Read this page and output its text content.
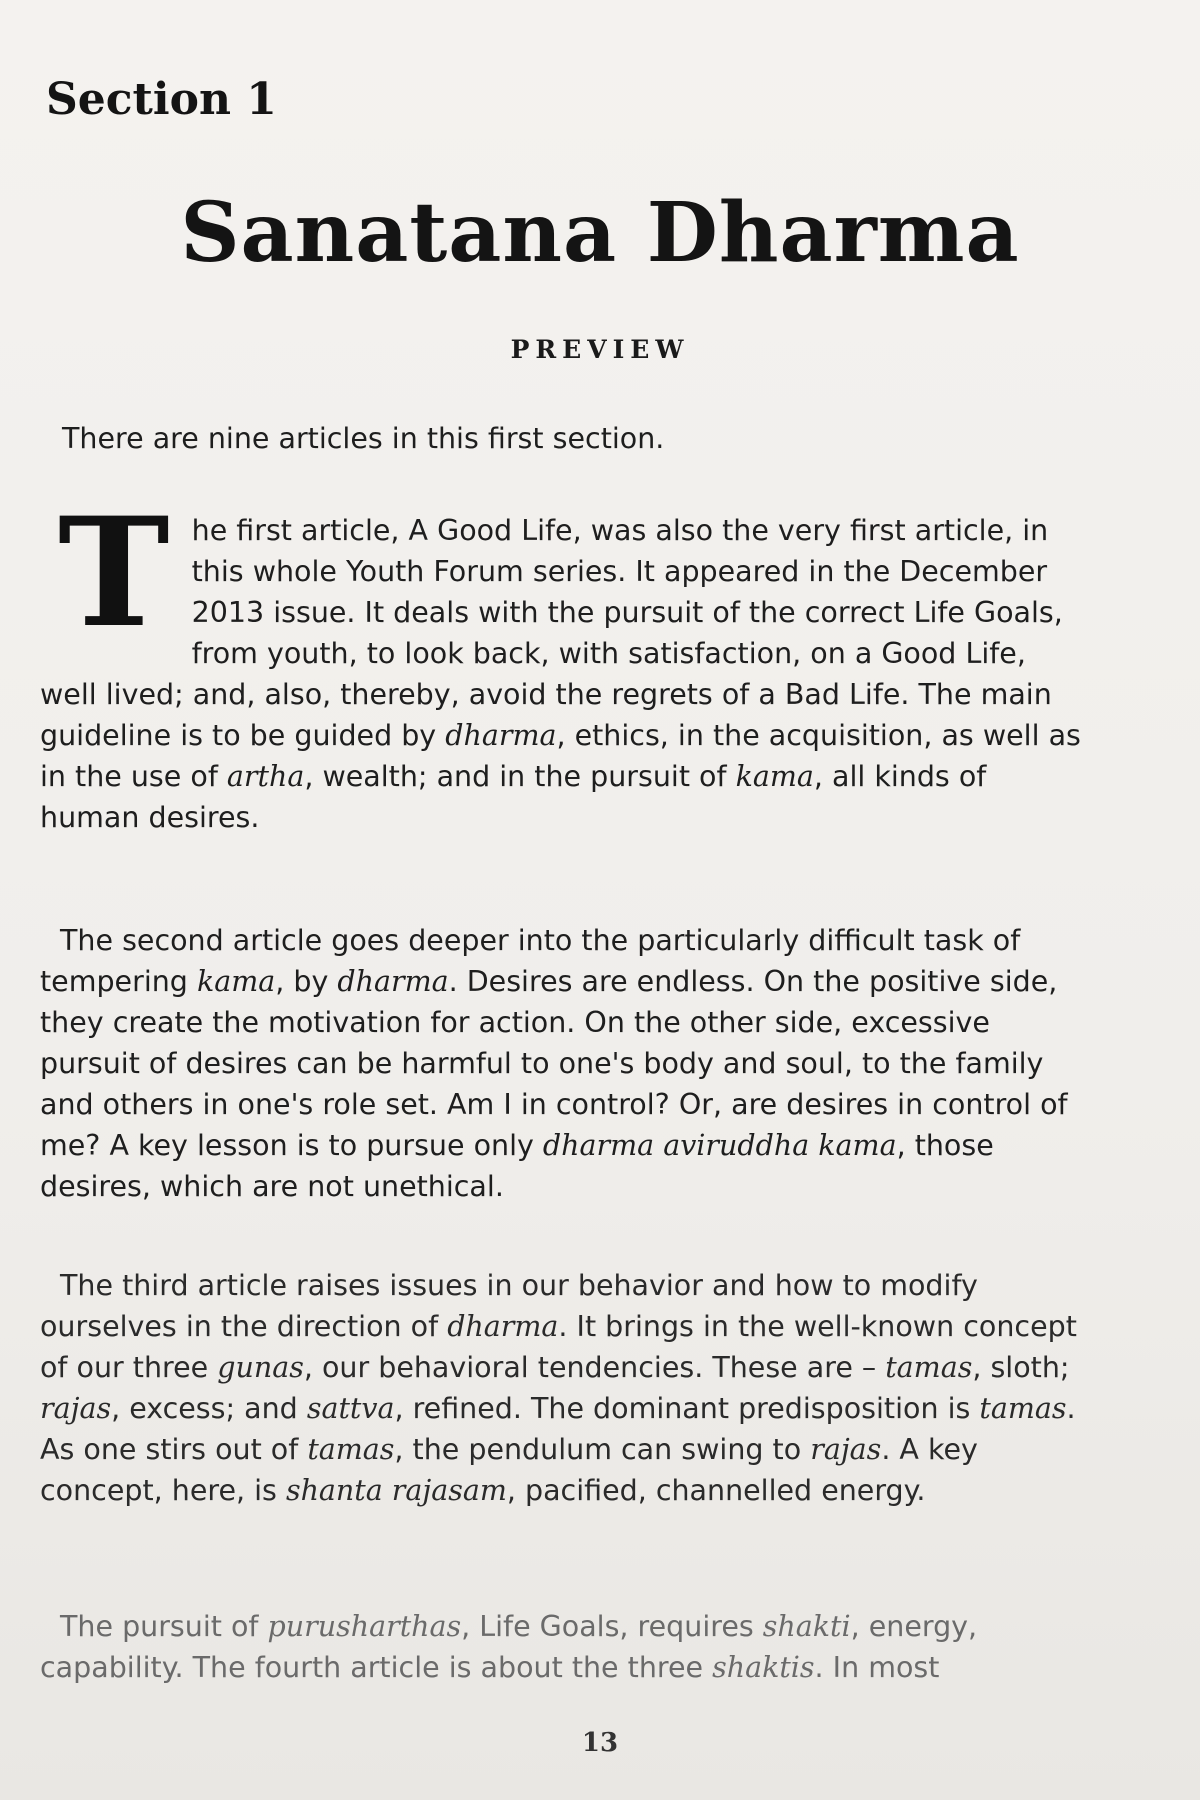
Section 1
Sanatana Dharma
PREVIEW

There are nine articles in this first section.

The first article, A Good Life, was also the very first article, in this whole Youth Forum series. It appeared in the December 2013 issue. It deals with the pursuit of the correct Life Goals, from youth, to look back, with satisfaction, on a Good Life, well lived; and, also, thereby, avoid the regrets of a Bad Life. The main guideline is to be guided by dharma, ethics, in the acquisition, as well as in the use of artha, wealth; and in the pursuit of kama, all kinds of human desires.

The second article goes deeper into the particularly difficult task of tempering kama, by dharma. Desires are endless. On the positive side, they create the motivation for action. On the other side, excessive pursuit of desires can be harmful to one's body and soul, to the family and others in one's role set. Am I in control? Or, are desires in control of me? A key lesson is to pursue only dharma aviruddha kama, those desires, which are not unethical.

The third article raises issues in our behavior and how to modify ourselves in the direction of dharma. It brings in the well-known concept of our three gunas, our behavioral tendencies. These are – tamas, sloth; rajas, excess; and sattva, refined. The dominant predisposition is tamas. As one stirs out of tamas, the pendulum can swing to rajas. A key concept, here, is shanta rajasam, pacified, channelled energy.

The pursuit of purusharthas, Life Goals, requires shakti, energy, capability. The fourth article is about the three shaktis. In most

13
